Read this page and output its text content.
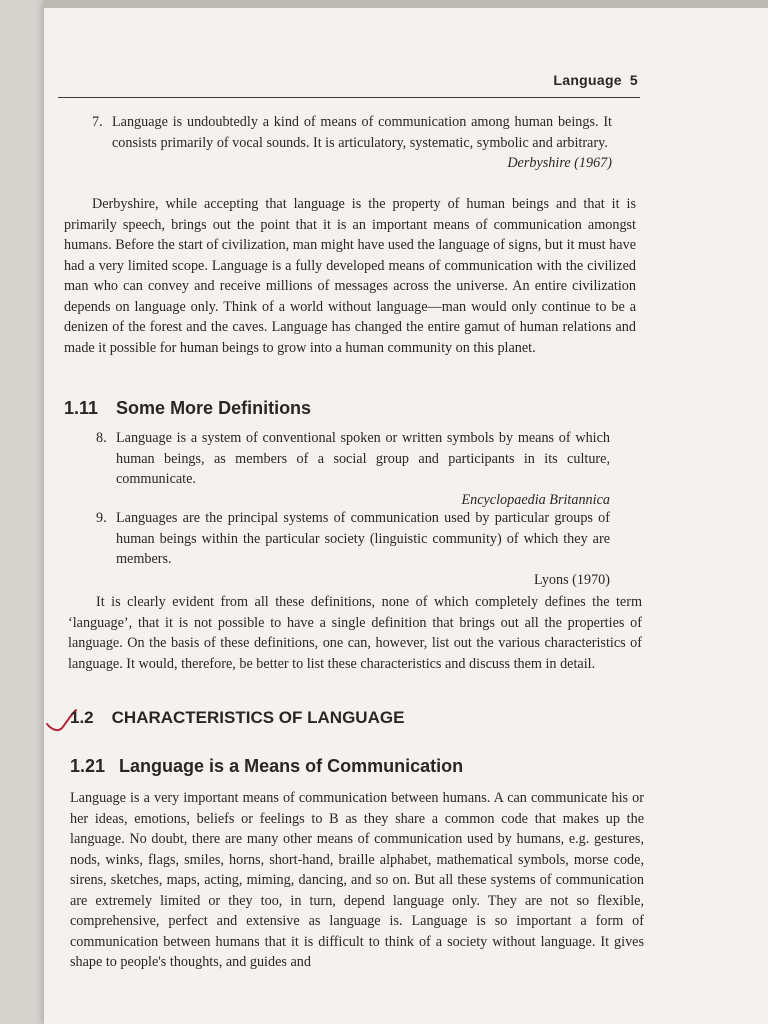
Language 5
7. Language is undoubtedly a kind of means of communication among human beings. It consists primarily of vocal sounds. It is articulatory, systematic, symbolic and arbitrary.
Derbyshire (1967)
Derbyshire, while accepting that language is the property of human beings and that it is primarily speech, brings out the point that it is an important means of communication amongst humans. Before the start of civilization, man might have used the language of signs, but it must have had a very limited scope. Language is a fully developed means of communication with the civilized man who can convey and receive millions of messages across the universe. An entire civilization depends on language only. Think of a world without language—man would only continue to be a denizen of the forest and the caves. Language has changed the entire gamut of human relations and made it possible for human beings to grow into a human community on this planet.
1.11 Some More Definitions
8. Language is a system of conventional spoken or written symbols by means of which human beings, as members of a social group and participants in its culture, communicate.
Encyclopaedia Britannica
9. Languages are the principal systems of communication used by particular groups of human beings within the particular society (linguistic community) of which they are members.
Lyons (1970)
It is clearly evident from all these definitions, none of which completely defines the term ‘language’, that it is not possible to have a single definition that brings out all the properties of language. On the basis of these definitions, one can, however, list out the various characteristics of language. It would, therefore, be better to list these characteristics and discuss them in detail.
1.2 CHARACTERISTICS OF LANGUAGE
1.21 Language is a Means of Communication
Language is a very important means of communication between humans. A can communicate his or her ideas, emotions, beliefs or feelings to B as they share a common code that makes up the language. No doubt, there are many other means of communication used by humans, e.g. gestures, nods, winks, flags, smiles, horns, short-hand, braille alphabet, mathematical symbols, morse code, sirens, sketches, maps, acting, miming, dancing, and so on. But all these systems of communication are extremely limited or they too, in turn, depend language only. They are not so flexible, comprehensive, perfect and extensive as language is. Language is so important a form of communication between humans that it is difficult to think of a society without language. It gives shape to people's thoughts, and guides and
